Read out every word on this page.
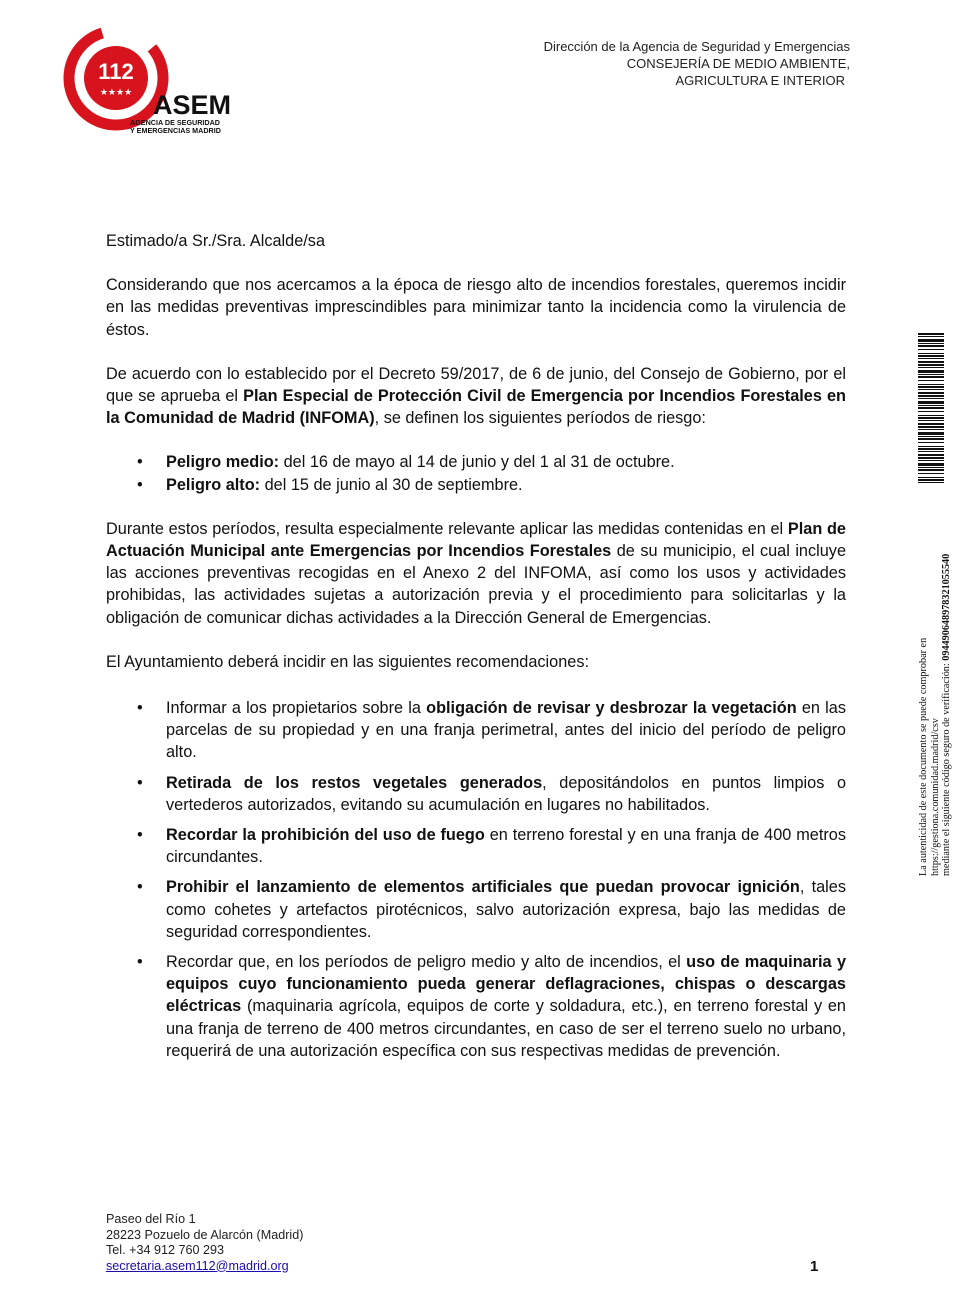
112
★★★★ ASEM
AGENCIA DE SEGURIDAD
Y EMERGENCIAS MADRID
Dirección de la Agencia de Seguridad y Emergencias
CONSEJERÍA DE MEDIO AMBIENTE,
AGRICULTURA E INTERIOR

Estimado/a Sr./Sra. Alcalde/sa

Considerando que nos acercamos a la época de riesgo alto de incendios forestales, queremos incidir en las medidas preventivas imprescindibles para minimizar tanto la incidencia como la virulencia de éstos.

De acuerdo con lo establecido por el Decreto 59/2017, de 6 de junio, del Consejo de Gobierno, por el que se aprueba el Plan Especial de Protección Civil de Emergencia por Incendios Forestales en la Comunidad de Madrid (INFOMA), se definen los siguientes períodos de riesgo:

• Peligro medio: del 16 de mayo al 14 de junio y del 1 al 31 de octubre.
• Peligro alto: del 15 de junio al 30 de septiembre.

Durante estos períodos, resulta especialmente relevante aplicar las medidas contenidas en el Plan de Actuación Municipal ante Emergencias por Incendios Forestales de su municipio, el cual incluye las acciones preventivas recogidas en el Anexo 2 del INFOMA, así como los usos y actividades prohibidas, las actividades sujetas a autorización previa y el procedimiento para solicitarlas y la obligación de comunicar dichas actividades a la Dirección General de Emergencias.

El Ayuntamiento deberá incidir en las siguientes recomendaciones:

• Informar a los propietarios sobre la obligación de revisar y desbrozar la vegetación en las parcelas de su propiedad y en una franja perimetral, antes del inicio del período de peligro alto.
• Retirada de los restos vegetales generados, depositándolos en puntos limpios o vertederos autorizados, evitando su acumulación en lugares no habilitados.
• Recordar la prohibición del uso de fuego en terreno forestal y en una franja de 400 metros circundantes.
• Prohibir el lanzamiento de elementos artificiales que puedan provocar ignición, tales como cohetes y artefactos pirotécnicos, salvo autorización expresa, bajo las medidas de seguridad correspondientes.
• Recordar que, en los períodos de peligro medio y alto de incendios, el uso de maquinaria y equipos cuyo funcionamiento pueda generar deflagraciones, chispas o descargas eléctricas (maquinaria agrícola, equipos de corte y soldadura, etc.), en terreno forestal y en una franja de terreno de 400 metros circundantes, en caso de ser el terreno suelo no urbano, requerirá de una autorización específica con sus respectivas medidas de prevención.
La autenticidad de este documento se puede comprobar en https://gestiona.comunidad.madrid/csv mediante el siguiente código seguro de verificación: 0944906489783210555​40
Paseo del Río 1
28223 Pozuelo de Alarcón (Madrid)
Tel. +34 912 760 293
secretaria.asem112@madrid.org	1
